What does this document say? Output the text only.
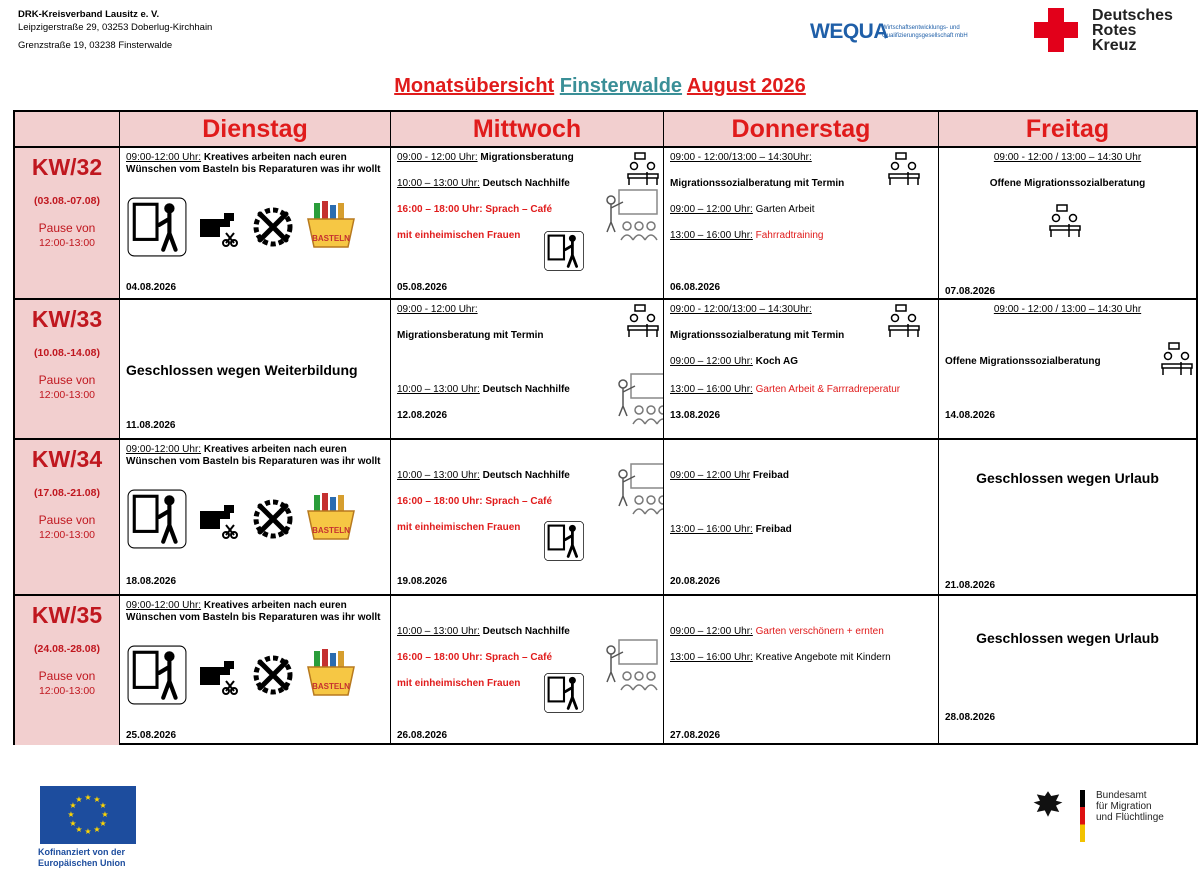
DRK-Kreisverband Lausitz e. V.
Leipzigerstraße 29, 03253 Doberlug-Kirchhain
Grenzstraße 19, 03238 Finsterwalde
WEQUA
Wirtschaftsentwicklungs- und Qualifizierungsgesellschaft mbH
Deutsches
Rotes
Kreuz
Monatsübersicht Finsterwalde August 2026
Dienstag	Mittwoch	Donnerstag	Freitag
KW/32
(03.08.-07.08)
Pause von
12:00-13:00
09:00-12:00 Uhr: Kreatives arbeiten nach euren Wünschen vom Basteln bis Reparaturen was ihr wollt
BASTELN
04.08.2026
09:00 - 12:00 Uhr: Migrationsberatung
10:00 – 13:00 Uhr: Deutsch Nachhilfe
16:00 – 18:00 Uhr: Sprach – Café
mit einheimischen Frauen
05.08.2026
09:00 - 12:00/13:00 – 14:30Uhr:
Migrationssozialberatung mit Termin
09:00 – 12:00 Uhr: Garten Arbeit
13:00 – 16:00 Uhr: Fahrradtraining
06.08.2026
09:00 - 12:00 / 13:00 – 14:30 Uhr
Offene Migrationssozialberatung
07.08.2026
KW/33
(10.08.-14.08)
Pause von
12:00-13:00
Geschlossen wegen Weiterbildung
11.08.2026
09:00 - 12:00 Uhr:
Migrationsberatung mit Termin
10:00 – 13:00 Uhr: Deutsch Nachhilfe
12.08.2026
09:00 - 12:00/13:00 – 14:30Uhr:
Migrationssozialberatung mit Termin
09:00 – 12:00 Uhr: Koch AG
13:00 – 16:00 Uhr: Garten Arbeit & Farrradreperatur
13.08.2026
09:00 - 12:00 / 13:00 – 14:30 Uhr
Offene Migrationssozialberatung
14.08.2026
KW/34
(17.08.-21.08)
Pause von
12:00-13:00
09:00-12:00 Uhr: Kreatives arbeiten nach euren Wünschen vom Basteln bis Reparaturen was ihr wollt
BASTELN
18.08.2026
10:00 – 13:00 Uhr: Deutsch Nachhilfe
16:00 – 18:00 Uhr: Sprach – Café
mit einheimischen Frauen
19.08.2026
09:00 – 12:00 Uhr Freibad
13:00 – 16:00 Uhr: Freibad
20.08.2026
Geschlossen wegen Urlaub
21.08.2026
KW/35
(24.08.-28.08)
Pause von
12:00-13:00
09:00-12:00 Uhr: Kreatives arbeiten nach euren Wünschen vom Basteln bis Reparaturen was ihr wollt
BASTELN
25.08.2026
10:00 – 13:00 Uhr: Deutsch Nachhilfe
16:00 – 18:00 Uhr: Sprach – Café
mit einheimischen Frauen
26.08.2026
09:00 – 12:00 Uhr: Garten verschönern + ernten
13:00 – 16:00 Uhr: Kreative Angebote mit Kindern
27.08.2026
Geschlossen wegen Urlaub
28.08.2026
★ ★
★
★
★
★
★
★
★
★
★
★
Kofinanziert von der
Europäischen Union
Bundesamt
für Migration
und Flüchtlinge
